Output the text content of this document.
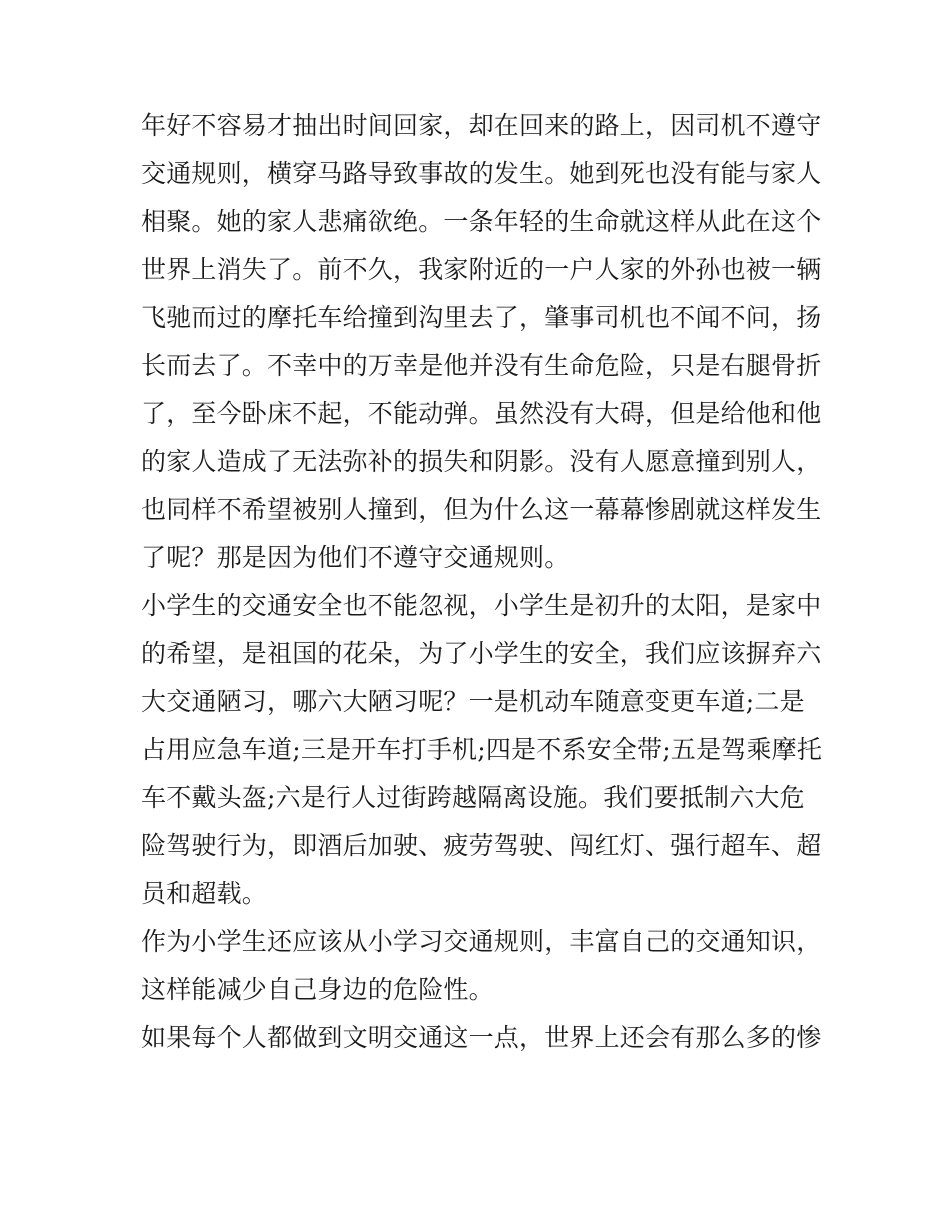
年好不容易才抽出时间回家，却在回来的路上，因司机不遵守
交通规则，横穿马路导致事故的发生。她到死也没有能与家人
相聚。她的家人悲痛欲绝。一条年轻的生命就这样从此在这个
世界上消失了。前不久，我家附近的一户人家的外孙也被一辆
飞驰而过的摩托车给撞到沟里去了，肇事司机也不闻不问，扬
长而去了。不幸中的万幸是他并没有生命危险，只是右腿骨折
了，至今卧床不起，不能动弹。虽然没有大碍，但是给他和他
的家人造成了无法弥补的损失和阴影。没有人愿意撞到别人，
也同样不希望被别人撞到，但为什么这一幕幕惨剧就这样发生
了呢？那是因为他们不遵守交通规则。
小学生的交通安全也不能忽视，小学生是初升的太阳，是家中
的希望，是祖国的花朵，为了小学生的安全，我们应该摒弃六
大交通陋习，哪六大陋习呢？一是机动车随意变更车道;二是
占用应急车道;三是开车打手机;四是不系安全带;五是驾乘摩托
车不戴头盔;六是行人过街跨越隔离设施。我们要抵制六大危
险驾驶行为，即酒后加驶、疲劳驾驶、闯红灯、强行超车、超
员和超载。
作为小学生还应该从小学习交通规则，丰富自己的交通知识，
这样能减少自己身边的危险性。
如果每个人都做到文明交通这一点，世界上还会有那么多的惨
